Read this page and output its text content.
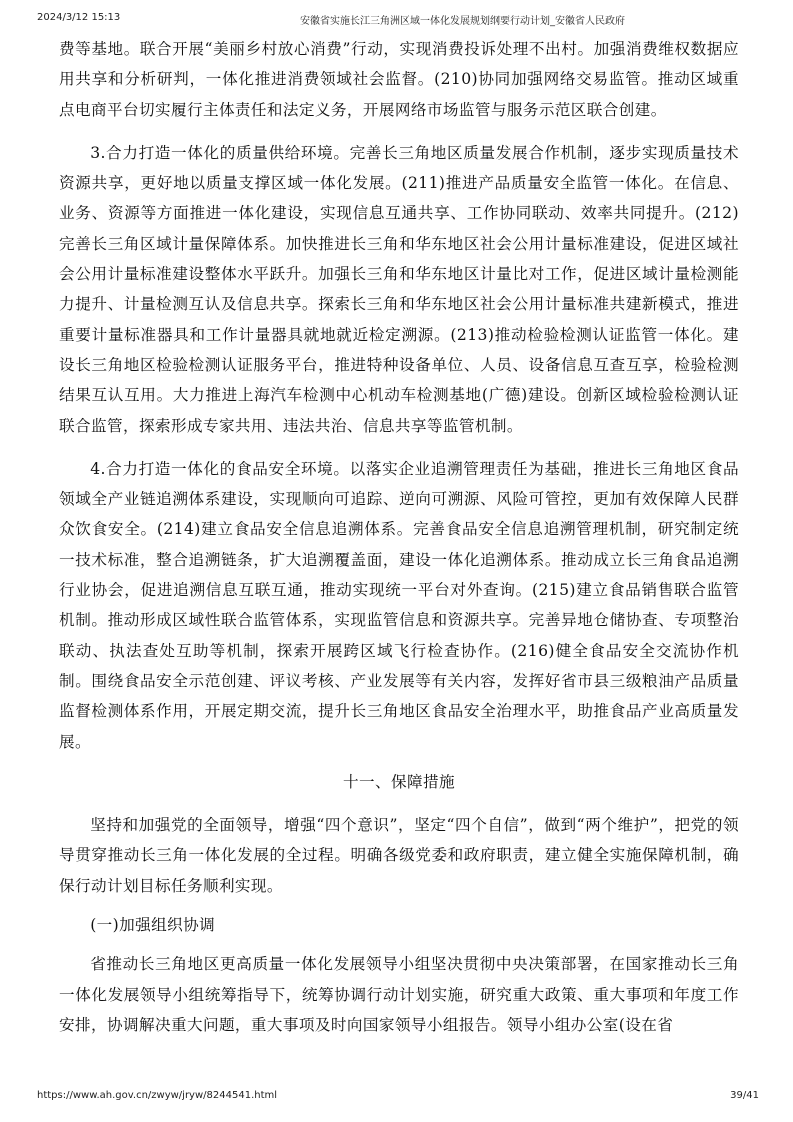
2024/3/12 15:13	安徽省实施长江三角洲区域一体化发展规划纲要行动计划_安徽省人民政府

费等基地。联合开展“美丽乡村放心消费”行动，实现消费投诉处理不出村。加强消费维权数据应用共享和分析研判，一体化推进消费领域社会监督。(210)协同加强网络交易监管。推动区域重点电商平台切实履行主体责任和法定义务，开展网络市场监管与服务示范区联合创建。

3.合力打造一体化的质量供给环境。完善长三角地区质量发展合作机制，逐步实现质量技术资源共享，更好地以质量支撑区域一体化发展。(211)推进产品质量安全监管一体化。在信息、业务、资源等方面推进一体化建设，实现信息互通共享、工作协同联动、效率共同提升。(212)完善长三角区域计量保障体系。加快推进长三角和华东地区社会公用计量标准建设，促进区域社会公用计量标准建设整体水平跃升。加强长三角和华东地区计量比对工作，促进区域计量检测能力提升、计量检测互认及信息共享。探索长三角和华东地区社会公用计量标准共建新模式，推进重要计量标准器具和工作计量器具就地就近检定溯源。(213)推动检验检测认证监管一体化。建设长三角地区检验检测认证服务平台，推进特种设备单位、人员、设备信息互查互享，检验检测结果互认互用。大力推进上海汽车检测中心机动车检测基地(广德)建设。创新区域检验检测认证联合监管，探索形成专家共用、违法共治、信息共享等监管机制。

4.合力打造一体化的食品安全环境。以落实企业追溯管理责任为基础，推进长三角地区食品领域全产业链追溯体系建设，实现顺向可追踪、逆向可溯源、风险可管控，更加有效保障人民群众饮食安全。(214)建立食品安全信息追溯体系。完善食品安全信息追溯管理机制，研究制定统一技术标准，整合追溯链条，扩大追溯覆盖面，建设一体化追溯体系。推动成立长三角食品追溯行业协会，促进追溯信息互联互通，推动实现统一平台对外查询。(215)建立食品销售联合监管机制。推动形成区域性联合监管体系，实现监管信息和资源共享。完善异地仓储协查、专项整治联动、执法查处互助等机制，探索开展跨区域飞行检查协作。(216)健全食品安全交流协作机制。围绕食品安全示范创建、评议考核、产业发展等有关内容，发挥好省市县三级粮油产品质量监督检测体系作用，开展定期交流，提升长三角地区食品安全治理水平，助推食品产业高质量发展。

十一、保障措施

坚持和加强党的全面领导，增强“四个意识”，坚定“四个自信”，做到“两个维护”，把党的领导贯穿推动长三角一体化发展的全过程。明确各级党委和政府职责，建立健全实施保障机制，确保行动计划目标任务顺利实现。

(一)加强组织协调

省推动长三角地区更高质量一体化发展领导小组坚决贯彻中央决策部署，在国家推动长三角一体化发展领导小组统筹指导下，统筹协调行动计划实施，研究重大政策、重大事项和年度工作安排，协调解决重大问题，重大事项及时向国家领导小组报告。领导小组办公室(设在省

https://www.ah.gov.cn/zwyw/jryw/8244541.html	39/41
